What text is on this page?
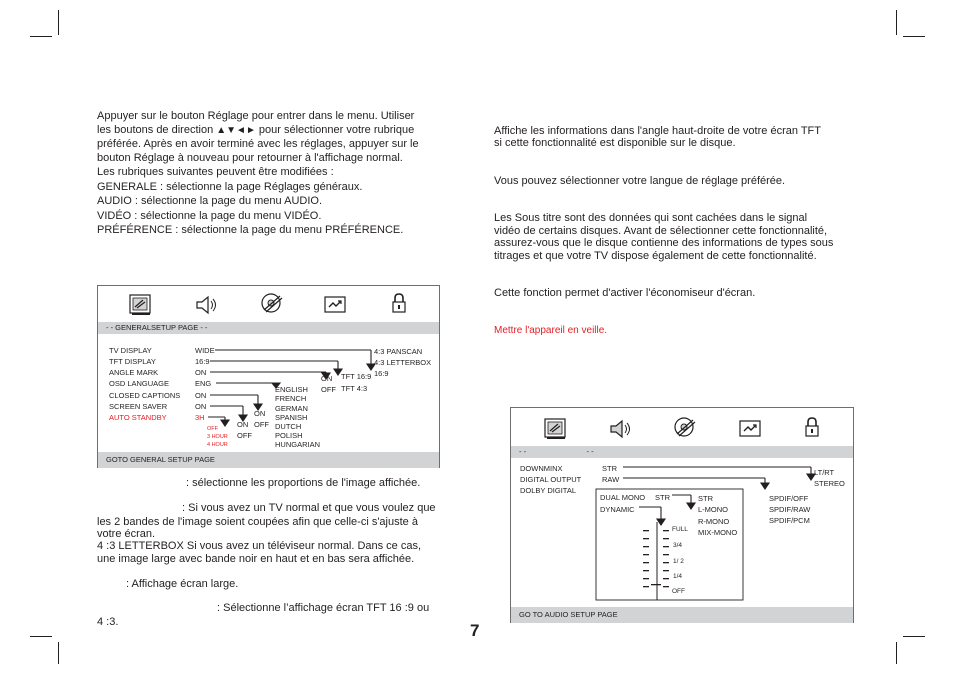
Appuyer sur le bouton Réglage pour entrer dans le menu. Utiliser
les boutons de direction ▲▼◄► pour sélectionner votre rubrique
préférée. Après en avoir terminé avec les réglages, appuyer sur le
bouton Réglage à nouveau pour retourner à l'affichage normal.
Les rubriques suivantes peuvent être modifiées :
GENERALE : sélectionne la page Réglages généraux.
AUDIO : sélectionne la page du menu AUDIO.
VIDÉO : sélectionne la page du menu VIDÉO.
PRÉFÉRENCE : sélectionne la page du menu PRÉFÉRENCE.
- - GENERALSETUP PAGE - -
TV DISPLAY
TFT DISPLAY
ANGLE MARK
OSD LANGUAGE
CLOSED CAPTIONS
SCREEN SAVER
AUTO STANDBY
WIDE
16:9
ON
ENG
ON
ON
3H
4:3 PANSCAN
4:3 LETTERBOX
16:9
TFT 16:9
TFT 4:3
ON
OFF
ENGLISH
FRENCH
GERMAN
SPANISH
DUTCH
POLISH
HUNGARIAN
ON
OFF
ON
OFF
OFF
3 HOUR
4 HOUR
GOTO GENERAL SETUP PAGE
: sélectionne les proportions de l'image affichée.
: Si vous avez un TV normal et que vous voulez que
les 2 bandes de l'image soient coupées afin que celle-ci s'ajuste à
votre écran.
4 :3 LETTERBOX Si vous avez un téléviseur normal. Dans ce cas,
une image large avec bande noir en haut et en bas sera affichée.
: Affichage écran large.
: Sélectionne l’affichage écran TFT 16 :9 ou
4 :3.
Affiche les informations dans l'angle haut-droite de votre écran TFT
si cette fonctionnalité est disponible sur le disque.
Vous pouvez sélectionner votre langue de réglage préférée.
Les Sous titre sont des données qui sont cachées dans le signal
vidéo de certains disques. Avant de sélectionner cette fonctionnalité,
assurez-vous que le disque contienne des informations de types sous
titrages et que votre TV dispose également de cette fonctionnalité.
Cette fonction permet d'activer l'économiseur d'écran.
Mettre l'appareil en veille.
- -                             - -
DOWNMINX
DIGITAL OUTPUT
DOLBY DIGITAL
STR
RAW
LT/RT
STEREO
SPDIF/OFF
SPDIF/RAW
SPDIF/PCM
DUAL MONO STR
DYNAMIC
STR
L-MONO
R-MONO
MIX-MONO
FULL
3/4
1/ 2
1/4
OFF
GO TO AUDIO SETUP PAGE
7
